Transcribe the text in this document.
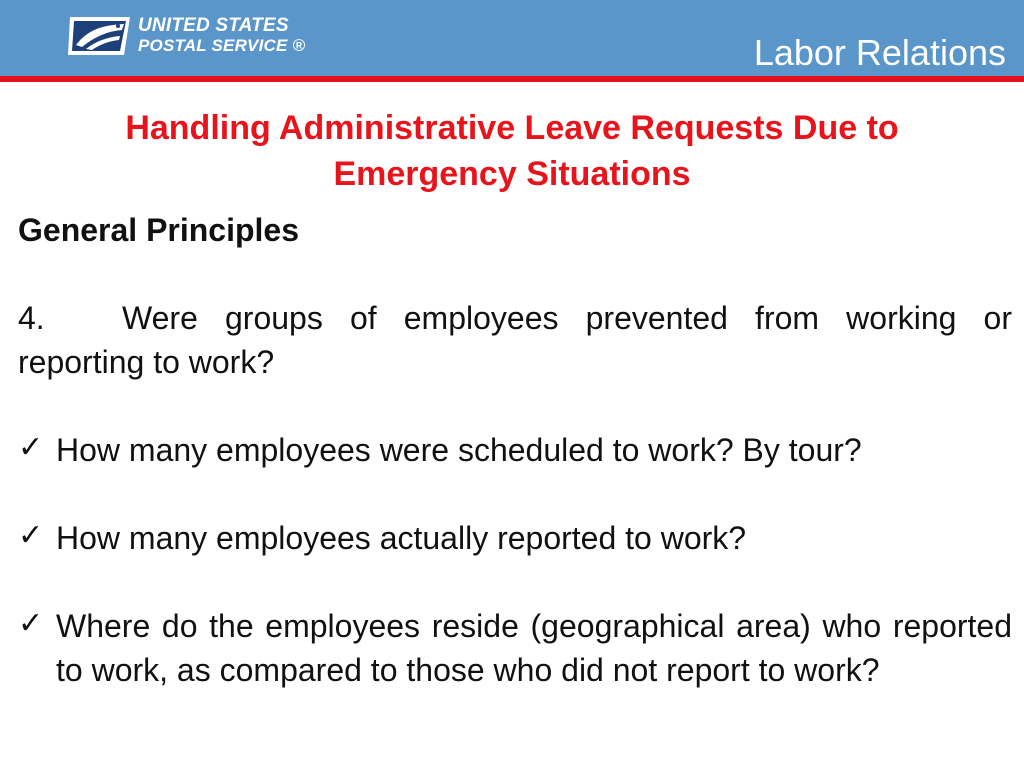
UNITED STATES
POSTAL SERVICE ®	Labor Relations
Handling Administrative Leave Requests Due to
Emergency Situations

General Principles

4. Were groups of employees prevented from working or reporting to work?
✓ How many employees were scheduled to work? By tour?
✓ How many employees actually reported to work?
✓ Where do the employees reside (geographical area) who reported to work, as compared to those who did not report to work?
